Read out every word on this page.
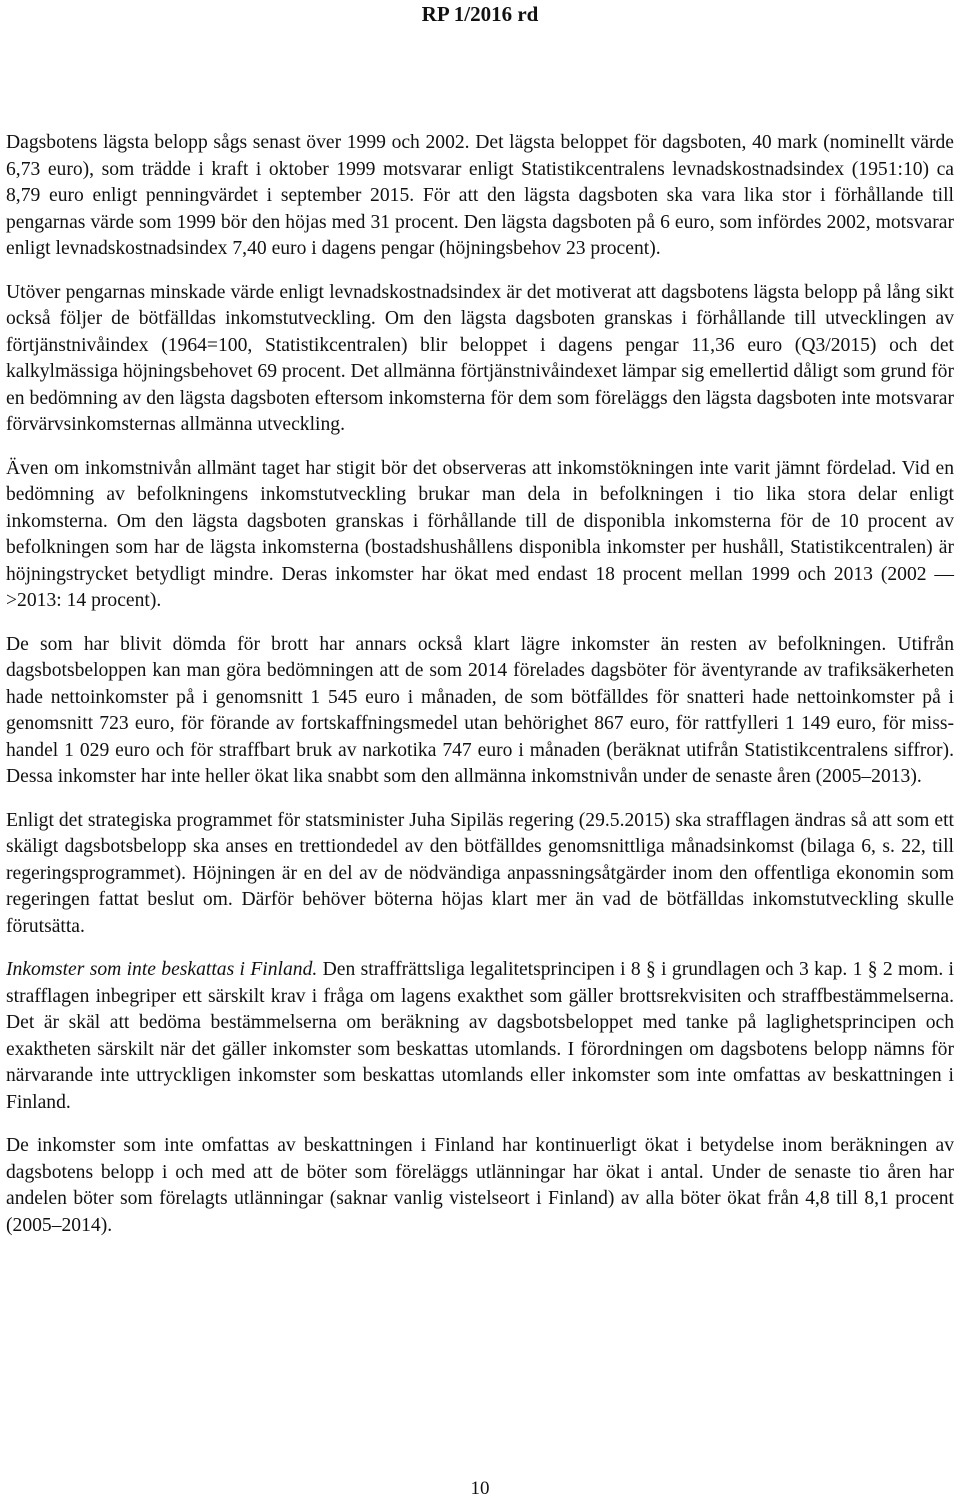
RP 1/2016 rd

Dagsbotens lägsta belopp sågs senast över 1999 och 2002. Det lägsta beloppet för dagsboten, 40 mark (nominellt värde 6,73 euro), som trädde i kraft i oktober 1999 motsvarar enligt Statistikcentralens levnadskostnadsindex (1951:10) ca 8,79 euro enligt penningvärdet i september 2015. För att den lägsta dagsboten ska vara lika stor i förhållande till pengarnas värde som 1999 bör den höjas med 31 procent. Den lägsta dagsboten på 6 euro, som infördes 2002, motsvarar enligt levnadskostnadsindex 7,40 euro i dagens pengar (höjningsbehov 23 procent).

Utöver pengarnas minskade värde enligt levnadskostnadsindex är det motiverat att dagsbotens lägsta belopp på lång sikt också följer de bötfälldas inkomstutveckling. Om den lägsta dagsboten granskas i förhållande till utvecklingen av förtjänstnivåindex (1964=100, Statistikcentralen) blir beloppet i dagens pengar 11,36 euro (Q3/2015) och det kalkylmässiga höjningsbehovet 69 procent. Det allmänna förtjänstnivåindexet lämpar sig emellertid dåligt som grund för en bedömning av den lägsta dagsboten eftersom inkomsterna för dem som föreläggs den lägsta dagsboten inte motsvarar förvärvsinkomsternas allmänna utveckling.

Även om inkomstnivån allmänt taget har stigit bör det observeras att inkomstökningen inte varit jämnt fördelad. Vid en bedömning av befolkningens inkomstutveckling brukar man dela in befolkningen i tio lika stora delar enligt inkomsterna. Om den lägsta dagsboten granskas i förhållande till de disponibla inkomsterna för de 10 procent av befolkningen som har de lägsta inkomsterna (bostadshushållens disponibla inkomster per hushåll, Statistikcentralen) är höjningstrycket betydligt mindre. Deras inkomster har ökat med endast 18 procent mellan 1999 och 2013 (2002 —>2013: 14 procent).

De som har blivit dömda för brott har annars också klart lägre inkomster än resten av befolkningen. Utifrån dagsbotsbeloppen kan man göra bedömningen att de som 2014 förelades dagsböter för äventyrande av trafiksäkerheten hade nettoinkomster på i genomsnitt 1 545 euro i månaden, de som bötfälldes för snatteri hade nettoinkomster på i genomsnitt 723 euro, för förande av fortskaffningsmedel utan behörighet 867 euro, för rattfylleri 1 149 euro, för misshandel 1 029 euro och för straffbart bruk av narkotika 747 euro i månaden (beräknat utifrån Statistikcentralens siffror). Dessa inkomster har inte heller ökat lika snabbt som den allmänna inkomstnivån under de senaste åren (2005–2013).

Enligt det strategiska programmet för statsminister Juha Sipiläs regering (29.5.2015) ska strafflagen ändras så att som ett skäligt dagsbotsbelopp ska anses en trettiondedel av den bötfälldes genomsnittliga månadsinkomst (bilaga 6, s. 22, till regeringsprogrammet). Höjningen är en del av de nödvändiga anpassningsåtgärder inom den offentliga ekonomin som regeringen fattat beslut om. Därför behöver böterna höjas klart mer än vad de bötfälldas inkomstutveckling skulle förutsätta.

Inkomster som inte beskattas i Finland. Den straffrättsliga legalitetsprincipen i 8 § i grundlagen och 3 kap. 1 § 2 mom. i strafflagen inbegriper ett särskilt krav i fråga om lagens exakthet som gäller brottsrekvisiten och straffbestämmelserna. Det är skäl att bedöma bestämmelserna om beräkning av dagsbotsbeloppet med tanke på laglighetsprincipen och exaktheten särskilt när det gäller inkomster som beskattas utomlands. I förordningen om dagsbotens belopp nämns för närvarande inte uttryckligen inkomster som beskattas utomlands eller inkomster som inte omfattas av beskattningen i Finland.

De inkomster som inte omfattas av beskattningen i Finland har kontinuerligt ökat i betydelse inom beräkningen av dagsbotens belopp i och med att de böter som föreläggs utlänningar har ökat i antal. Under de senaste tio åren har andelen böter som förelagts utlänningar (saknar vanlig vistelseort i Finland) av alla böter ökat från 4,8 till 8,1 procent (2005–2014).

10
